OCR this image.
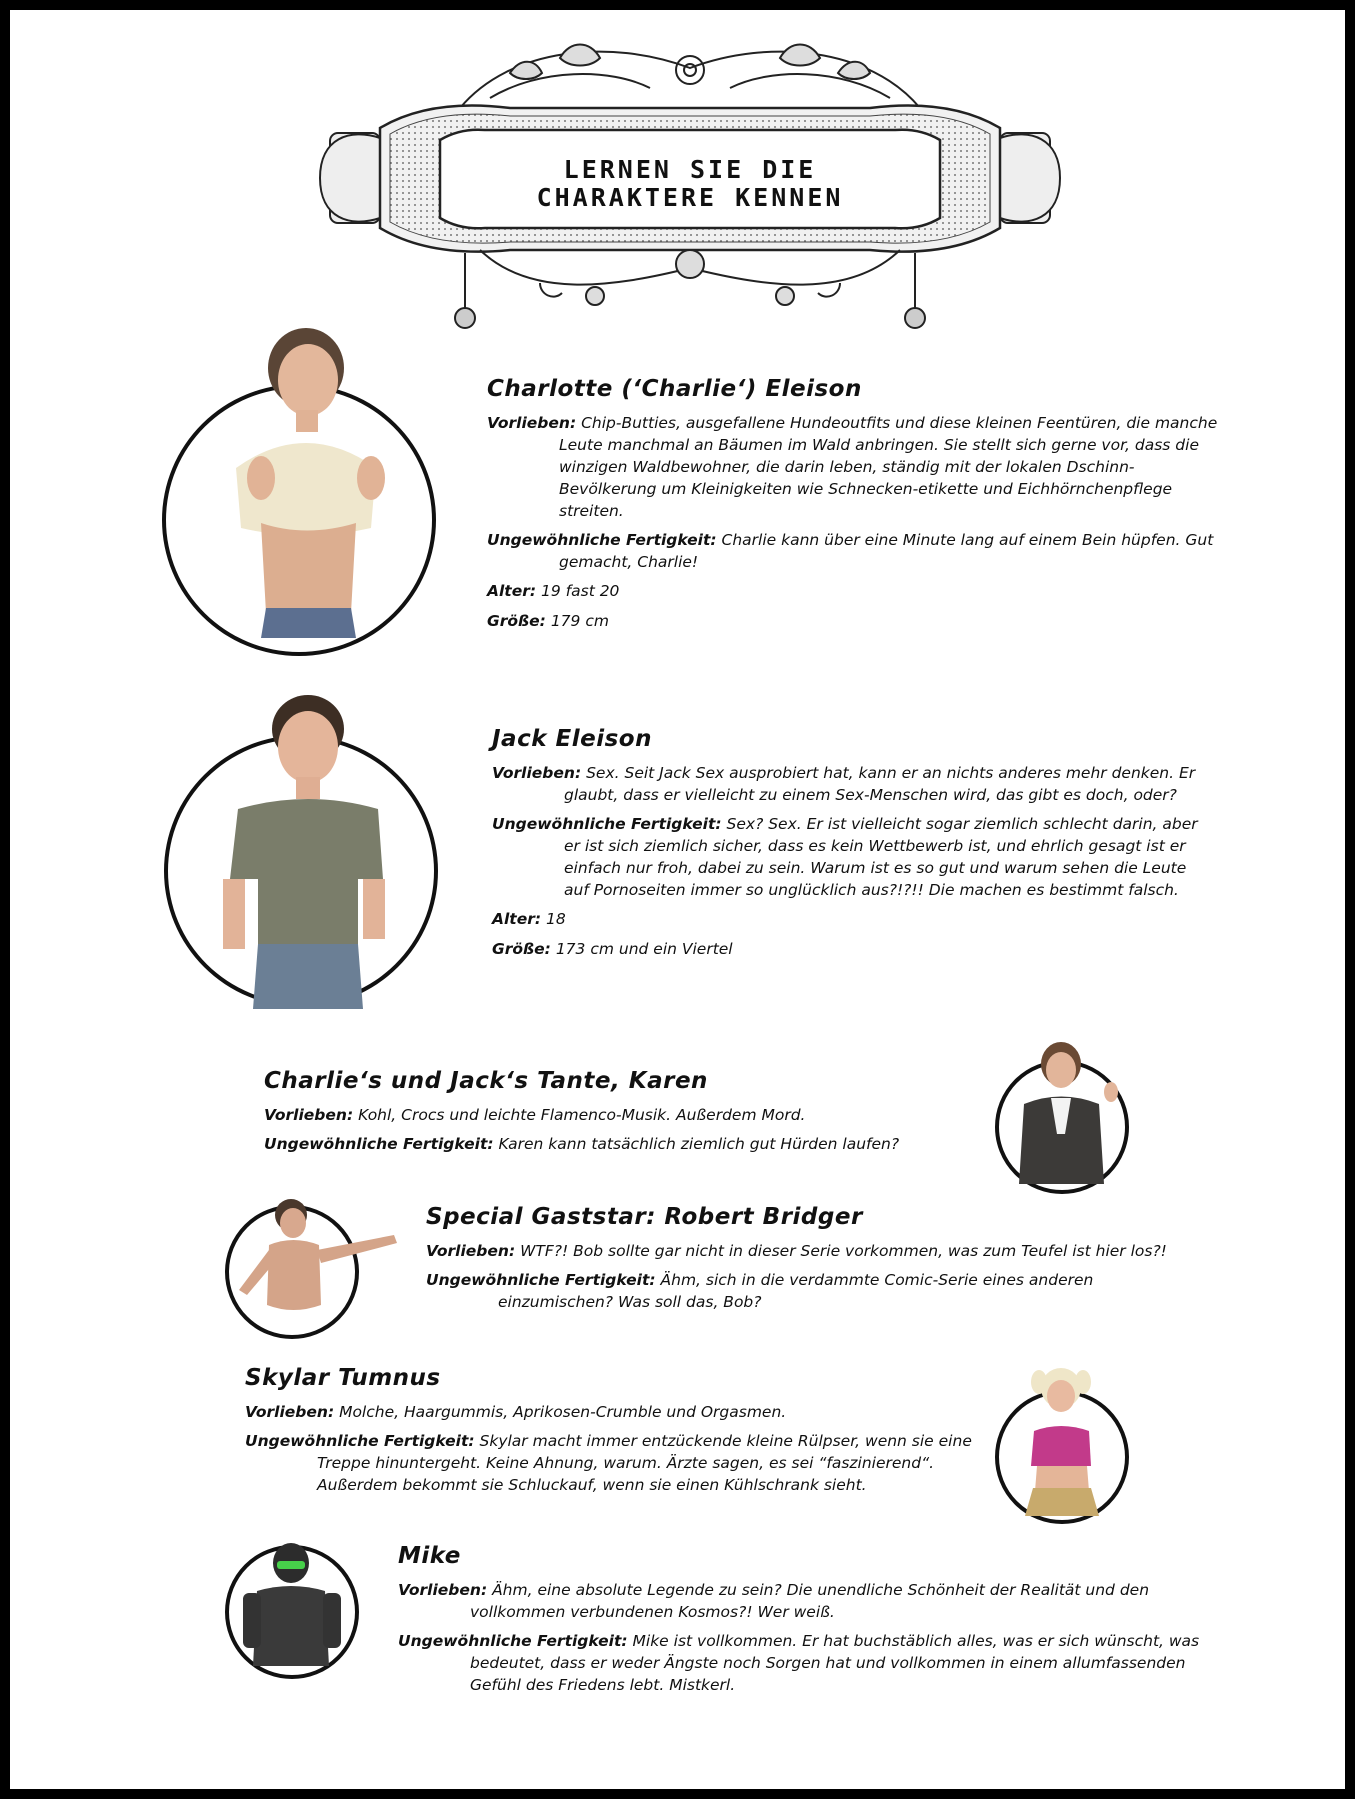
LERNEN SIE DIE
CHARAKTERE KENNEN
Charlotte (‘Charlie‘) Eleison

Vorlieben: Chip-Butties, ausgefallene Hundeoutfits und diese kleinen Feentüren, die manche Leute manchmal an Bäumen im Wald anbringen. Sie stellt sich gerne vor, dass die winzigen Waldbewohner, die darin leben, ständig mit der lokalen Dschinn-Bevölkerung um Kleinigkeiten wie Schnecken-etikette und Eichhörnchenpflege streiten.

Ungewöhnliche Fertigkeit: Charlie kann über eine Minute lang auf einem Bein hüpfen. Gut gemacht, Charlie!

Alter: 19 fast 20

Größe: 179 cm

Jack Eleison

Vorlieben: Sex. Seit Jack Sex ausprobiert hat, kann er an nichts anderes mehr denken. Er glaubt, dass er vielleicht zu einem Sex-Menschen wird, das gibt es doch, oder?

Ungewöhnliche Fertigkeit: Sex? Sex. Er ist vielleicht sogar ziemlich schlecht darin, aber er ist sich ziemlich sicher, dass es kein Wettbewerb ist, und ehrlich gesagt ist er einfach nur froh, dabei zu sein. Warum ist es so gut und warum sehen die Leute auf Pornoseiten immer so unglücklich aus?!?!! Die machen es bestimmt falsch.

Alter: 18

Größe: 173 cm und ein Viertel

Charlie‘s und Jack‘s Tante, Karen

Vorlieben: Kohl, Crocs und leichte Flamenco-Musik. Außerdem Mord.

Ungewöhnliche Fertigkeit: Karen kann tatsächlich ziemlich gut Hürden laufen?

Special Gaststar: Robert Bridger

Vorlieben: WTF?! Bob sollte gar nicht in dieser Serie vorkommen, was zum Teufel ist hier los?!

Ungewöhnliche Fertigkeit: Ähm, sich in die verdammte Comic-Serie eines anderen einzumischen? Was soll das, Bob?

Skylar Tumnus

Vorlieben: Molche, Haargummis, Aprikosen-Crumble und Orgasmen.

Ungewöhnliche Fertigkeit: Skylar macht immer entzückende kleine Rülpser, wenn sie eine Treppe hinuntergeht. Keine Ahnung, warum. Ärzte sagen, es sei “faszinierend“. Außerdem bekommt sie Schluckauf, wenn sie einen Kühlschrank sieht.

Mike

Vorlieben: Ähm, eine absolute Legende zu sein? Die unendliche Schönheit der Realität und den vollkommen verbundenen Kosmos?! Wer weiß.

Ungewöhnliche Fertigkeit: Mike ist vollkommen. Er hat buchstäblich alles, was er sich wünscht, was bedeutet, dass er weder Ängste noch Sorgen hat und vollkommen in einem allumfassenden Gefühl des Friedens lebt. Mistkerl.
